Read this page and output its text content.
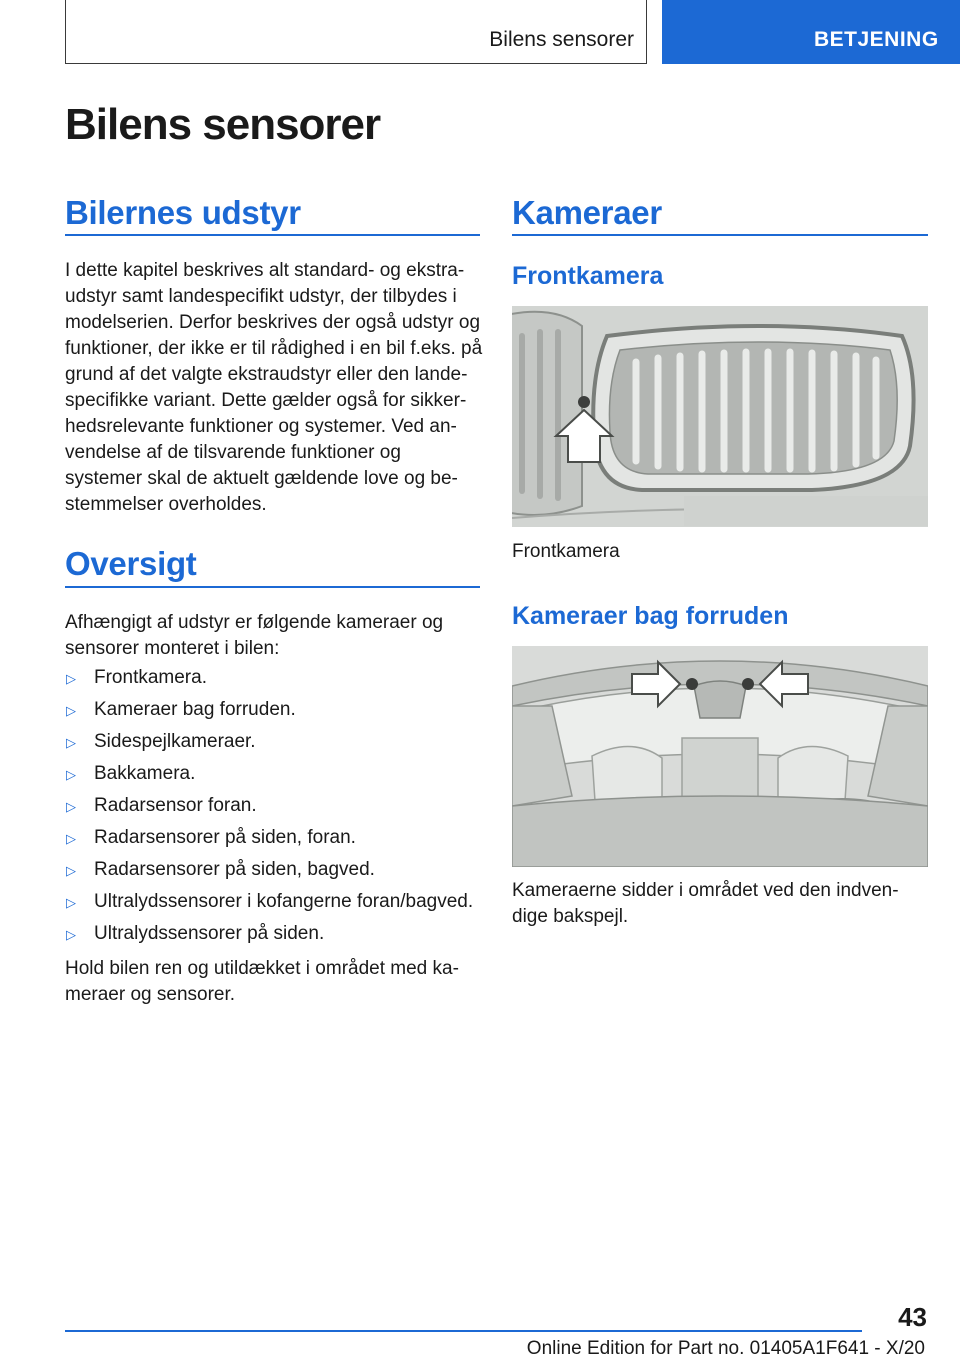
Bilens sensorer	BETJENING
Bilens sensorer
Bilernes udstyr
I dette kapitel beskrives alt standard- og ekstra-
udstyr samt landespecifikt udstyr, der tilbydes i
modelserien. Derfor beskrives der også udstyr og
funktioner, der ikke er til rådighed i en bil f.eks. på
grund af det valgte ekstraudstyr eller den lande-
specifikke variant. Dette gælder også for sikker-
hedsrelevante funktioner og systemer. Ved an-
vendelse af de tilsvarende funktioner og
systemer skal de aktuelt gældende love og be-
stemmelser overholdes.
Oversigt
Afhængigt af udstyr er følgende kameraer og
sensorer monteret i bilen:
▷ Frontkamera.
▷ Kameraer bag forruden.
▷ Sidespejlkameraer.
▷ Bakkamera.
▷ Radarsensor foran.
▷ Radarsensorer på siden, foran.
▷ Radarsensorer på siden, bagved.
▷ Ultralydssensorer i kofangerne foran/bagved.
▷ Ultralydssensorer på siden.
Hold bilen ren og utildækket i området med ka-
meraer og sensorer.
Kameraer
Frontkamera

Frontkamera

Kameraer bag forruden

Kameraerne sidder i området ved den indven-
dige bakspejl.

43
Online Edition for Part no. 01405A1F641 - X/20
